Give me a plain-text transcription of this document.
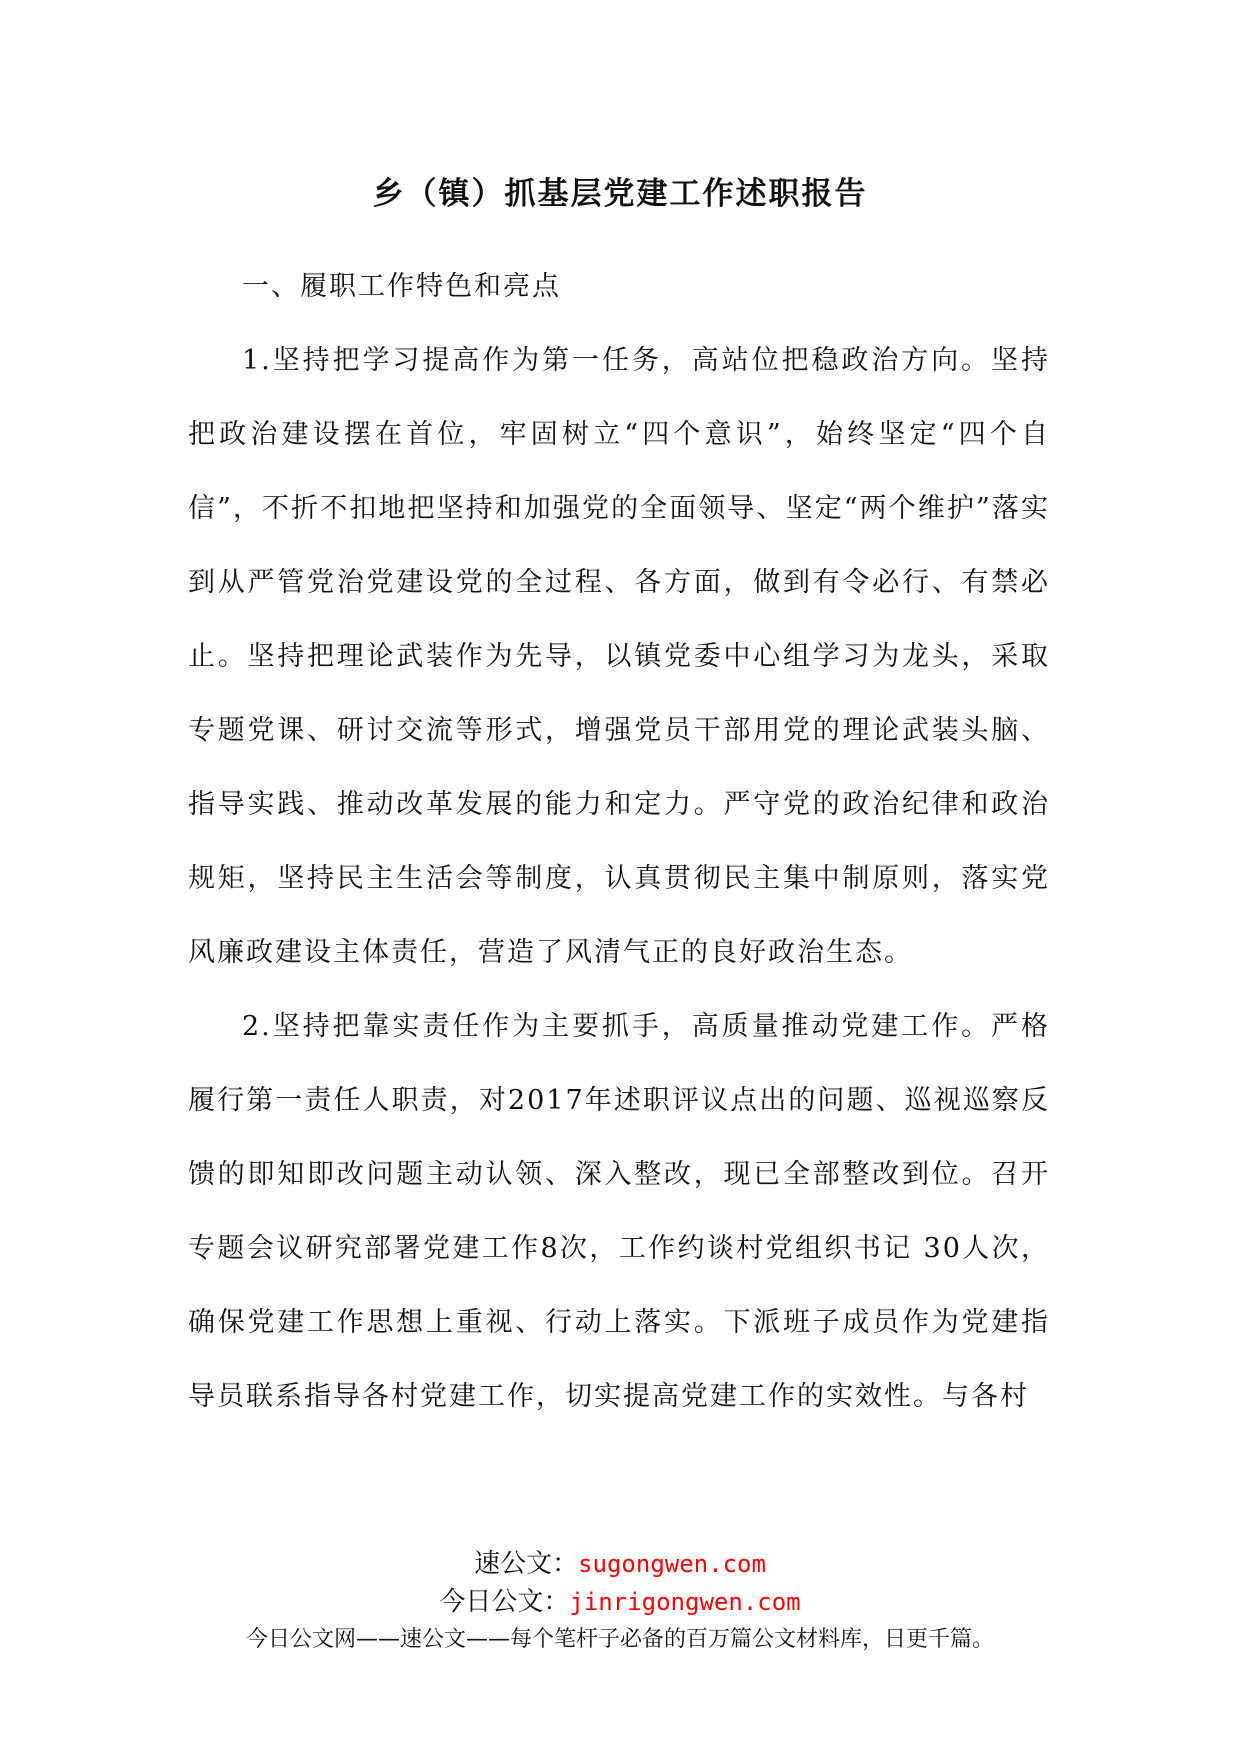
乡（镇）抓基层党建工作述职报告

一、履职工作特色和亮点

1.坚持把学习提高作为第一任务，高站位把稳政治方向。坚持把政治建设摆在首位，牢固树立“四个意识”，始终坚定“四个自信”，不折不扣地把坚持和加强党的全面领导、坚定“两个维护”落实到从严管党治党建设党的全过程、各方面，做到有令必行、有禁必止。坚持把理论武装作为先导，以镇党委中心组学习为龙头，采取专题党课、研讨交流等形式，增强党员干部用党的理论武装头脑、指导实践、推动改革发展的能力和定力。严守党的政治纪律和政治规矩，坚持民主生活会等制度，认真贯彻民主集中制原则，落实党风廉政建设主体责任，营造了风清气正的良好政治生态。

2.坚持把靠实责任作为主要抓手，高质量推动党建工作。严格履行第一责任人职责，对2017年述职评议点出的问题、巡视巡察反馈的即知即改问题主动认领、深入整改，现已全部整改到位。召开专题会议研究部署党建工作8次，工作约谈村党组织书记 30人次，确保党建工作思想上重视、行动上落实。下派班子成员作为党建指导员联系指导各村党建工作，切实提高党建工作的实效性。与各村

速公文：sugongwen.com
今日公文：jinrigongwen.com
今日公文网——速公文——每个笔杆子必备的百万篇公文材料库，日更千篇。
